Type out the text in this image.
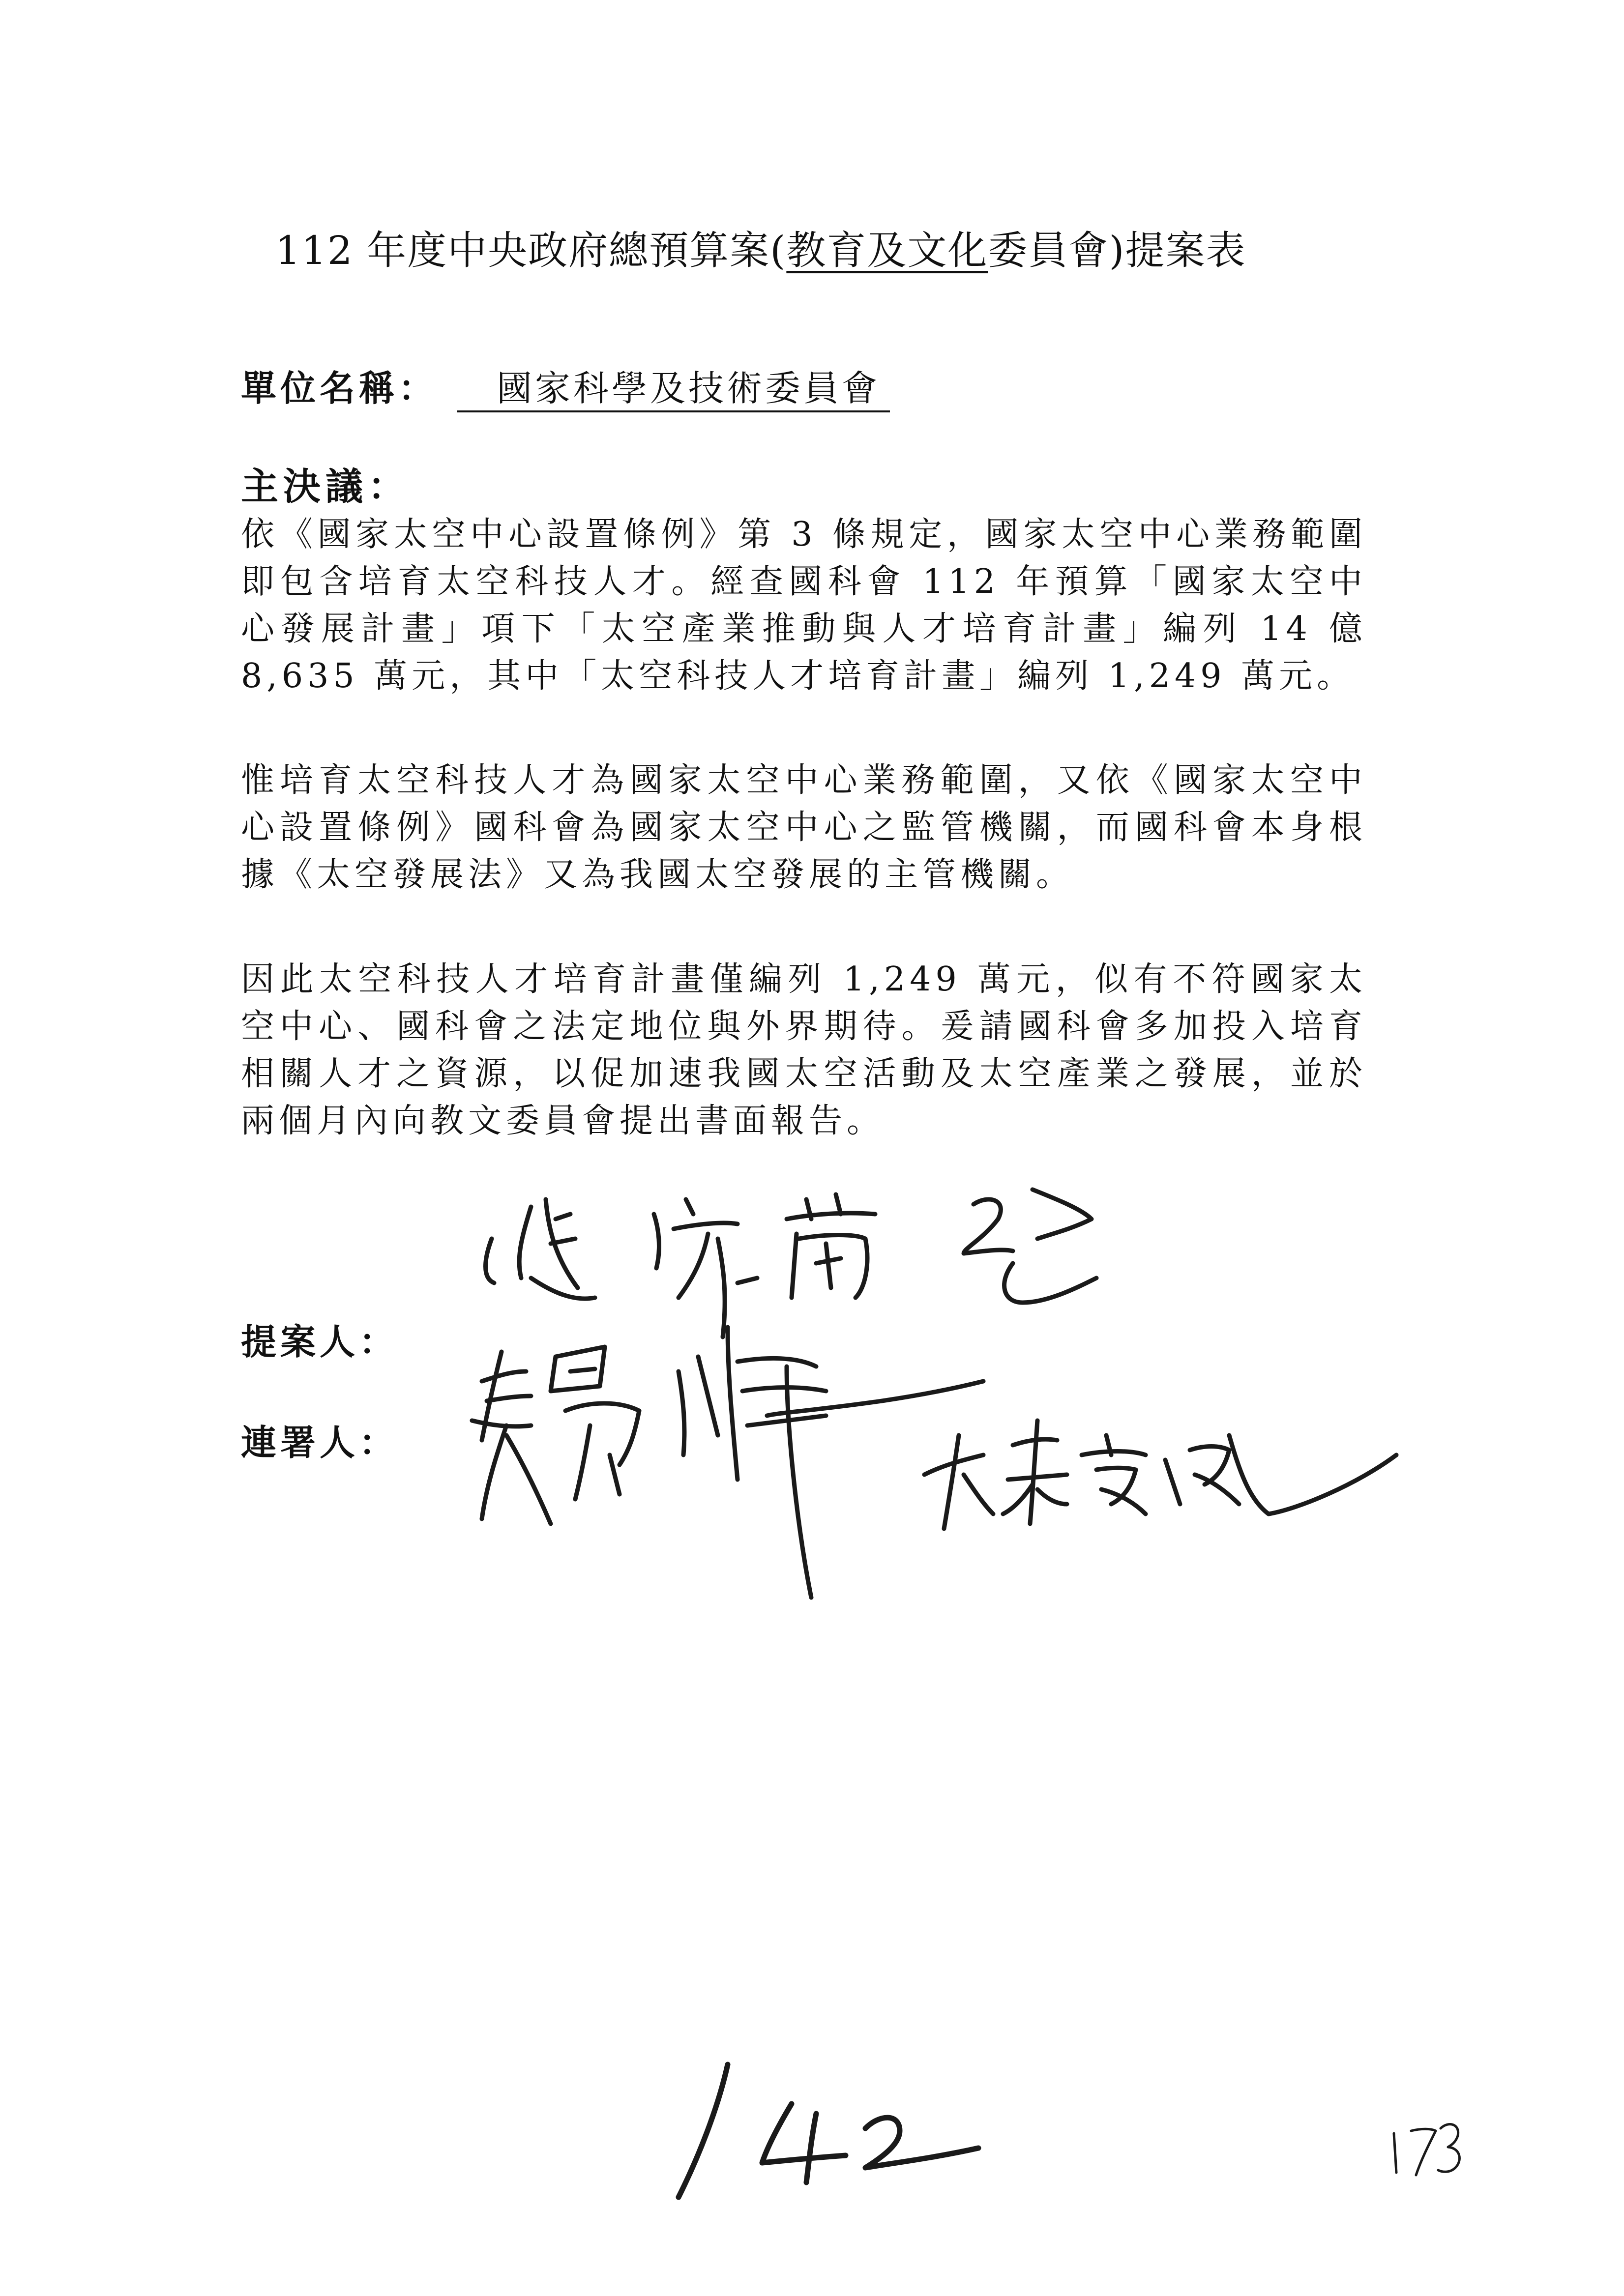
112 年度中央政府總預算案(教育及文化委員會)提案表
單位名稱： 國家科學及技術委員會
主決議：
依《國家太空中心設置條例》第 3 條規定，國家太空中心業務範圍即包含培育太空科技人才。經查國科會 112 年預算「國家太空中心發展計畫」項下「太空產業推動與人才培育計畫」編列 14 億 8,635 萬元，其中「太空科技人才培育計畫」編列 1,249 萬元。
惟培育太空科技人才為國家太空中心業務範圍，又依《國家太空中心設置條例》國科會為國家太空中心之監管機關，而國科會本身根據《太空發展法》又為我國太空發展的主管機關。
因此太空科技人才培育計畫僅編列 1,249 萬元，似有不符國家太空中心、國科會之法定地位與外界期待。爰請國科會多加投入培育相關人才之資源，以促加速我國太空活動及太空產業之發展，並於兩個月內向教文委員會提出書面報告。
提案人：
連署人：
